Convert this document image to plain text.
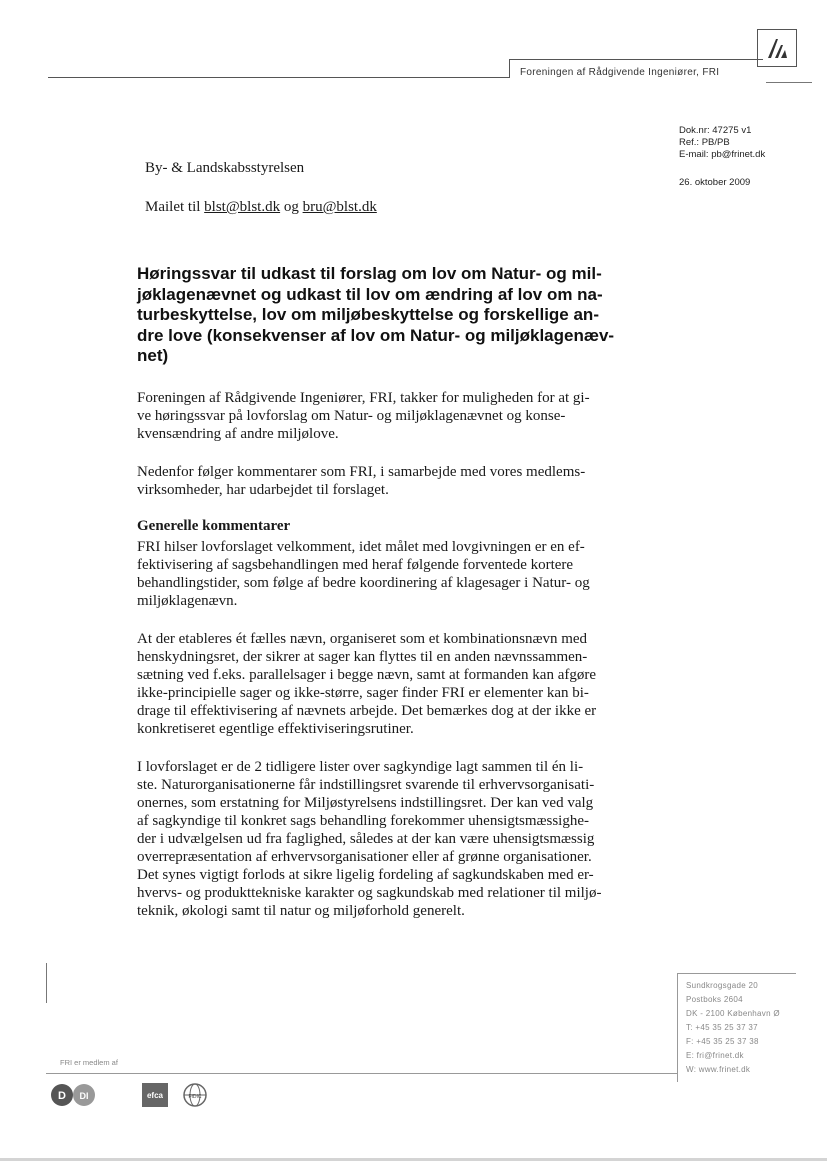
Foreningen af Rådgivende Ingeniører, FRI
Dok.nr: 47275 v1
Ref.: PB/PB
E-mail: pb@frinet.dk
26. oktober 2009
By- & Landskabsstyrelsen
Mailet til blst@blst.dk og bru@blst.dk
Høringssvar til udkast til forslag om lov om Natur- og mil-
jøklagenævnet og udkast til lov om ændring af lov om na-
turbeskyttelse, lov om miljøbeskyttelse og forskellige an-
dre love (konsekvenser af lov om Natur- og miljøklagenæv-
net)
Foreningen af Rådgivende Ingeniører, FRI, takker for muligheden for at gi-
ve høringssvar på lovforslag om Natur- og miljøklagenævnet og konse-
kvensændring af andre miljølove.
Nedenfor følger kommentarer som FRI, i samarbejde med vores medlems-
virksomheder, har udarbejdet til forslaget.
Generelle kommentarer
FRI hilser lovforslaget velkomment, idet målet med lovgivningen er en ef-
fektivisering af sagsbehandlingen med heraf følgende forventede kortere
behandlingstider, som følge af bedre koordinering af klagesager i Natur- og
miljøklagenævn.
At der etableres ét fælles nævn, organiseret som et kombinationsnævn med
henskydningsret, der sikrer at sager kan flyttes til en anden nævnssammen-
sætning ved f.eks. parallelsager i begge nævn, samt at formanden kan afgøre
ikke-principielle sager og ikke-større, sager finder FRI er elementer kan bi-
drage til effektivisering af nævnets arbejde. Det bemærkes dog at der ikke er
konkretiseret egentlige effektiviseringsrutiner.
I lovforslaget er de 2 tidligere lister over sagkyndige lagt sammen til én li-
ste. Naturorganisationerne får indstillingsret svarende til erhvervsorganisati-
onernes, som erstatning for Miljøstyrelsens indstillingsret. Der kan ved valg
af sagkyndige til konkret sags behandling forekommer uhensigtsmæssighe-
der i udvælgelsen ud fra faglighed, således at der kan være uhensigtsmæssig
overrepræsentation af erhvervsorganisationer eller af grønne organisationer.
Det synes vigtigt forlods at sikre ligelig fordeling af sagkundskaben med er-
hvervs- og produkttekniske karakter og sagkundskab med relationer til miljø-
teknik, økologi samt til natur og miljøforhold generelt.
Sundkrogsgade 20
Postboks 2604
DK - 2100 København Ø
T: +45 35 25 37 37
F: +45 35 25 37 38
E: fri@frinet.dk
W: www.frinet.dk
FRI er medlem af
D DI	efca	FIDIC
